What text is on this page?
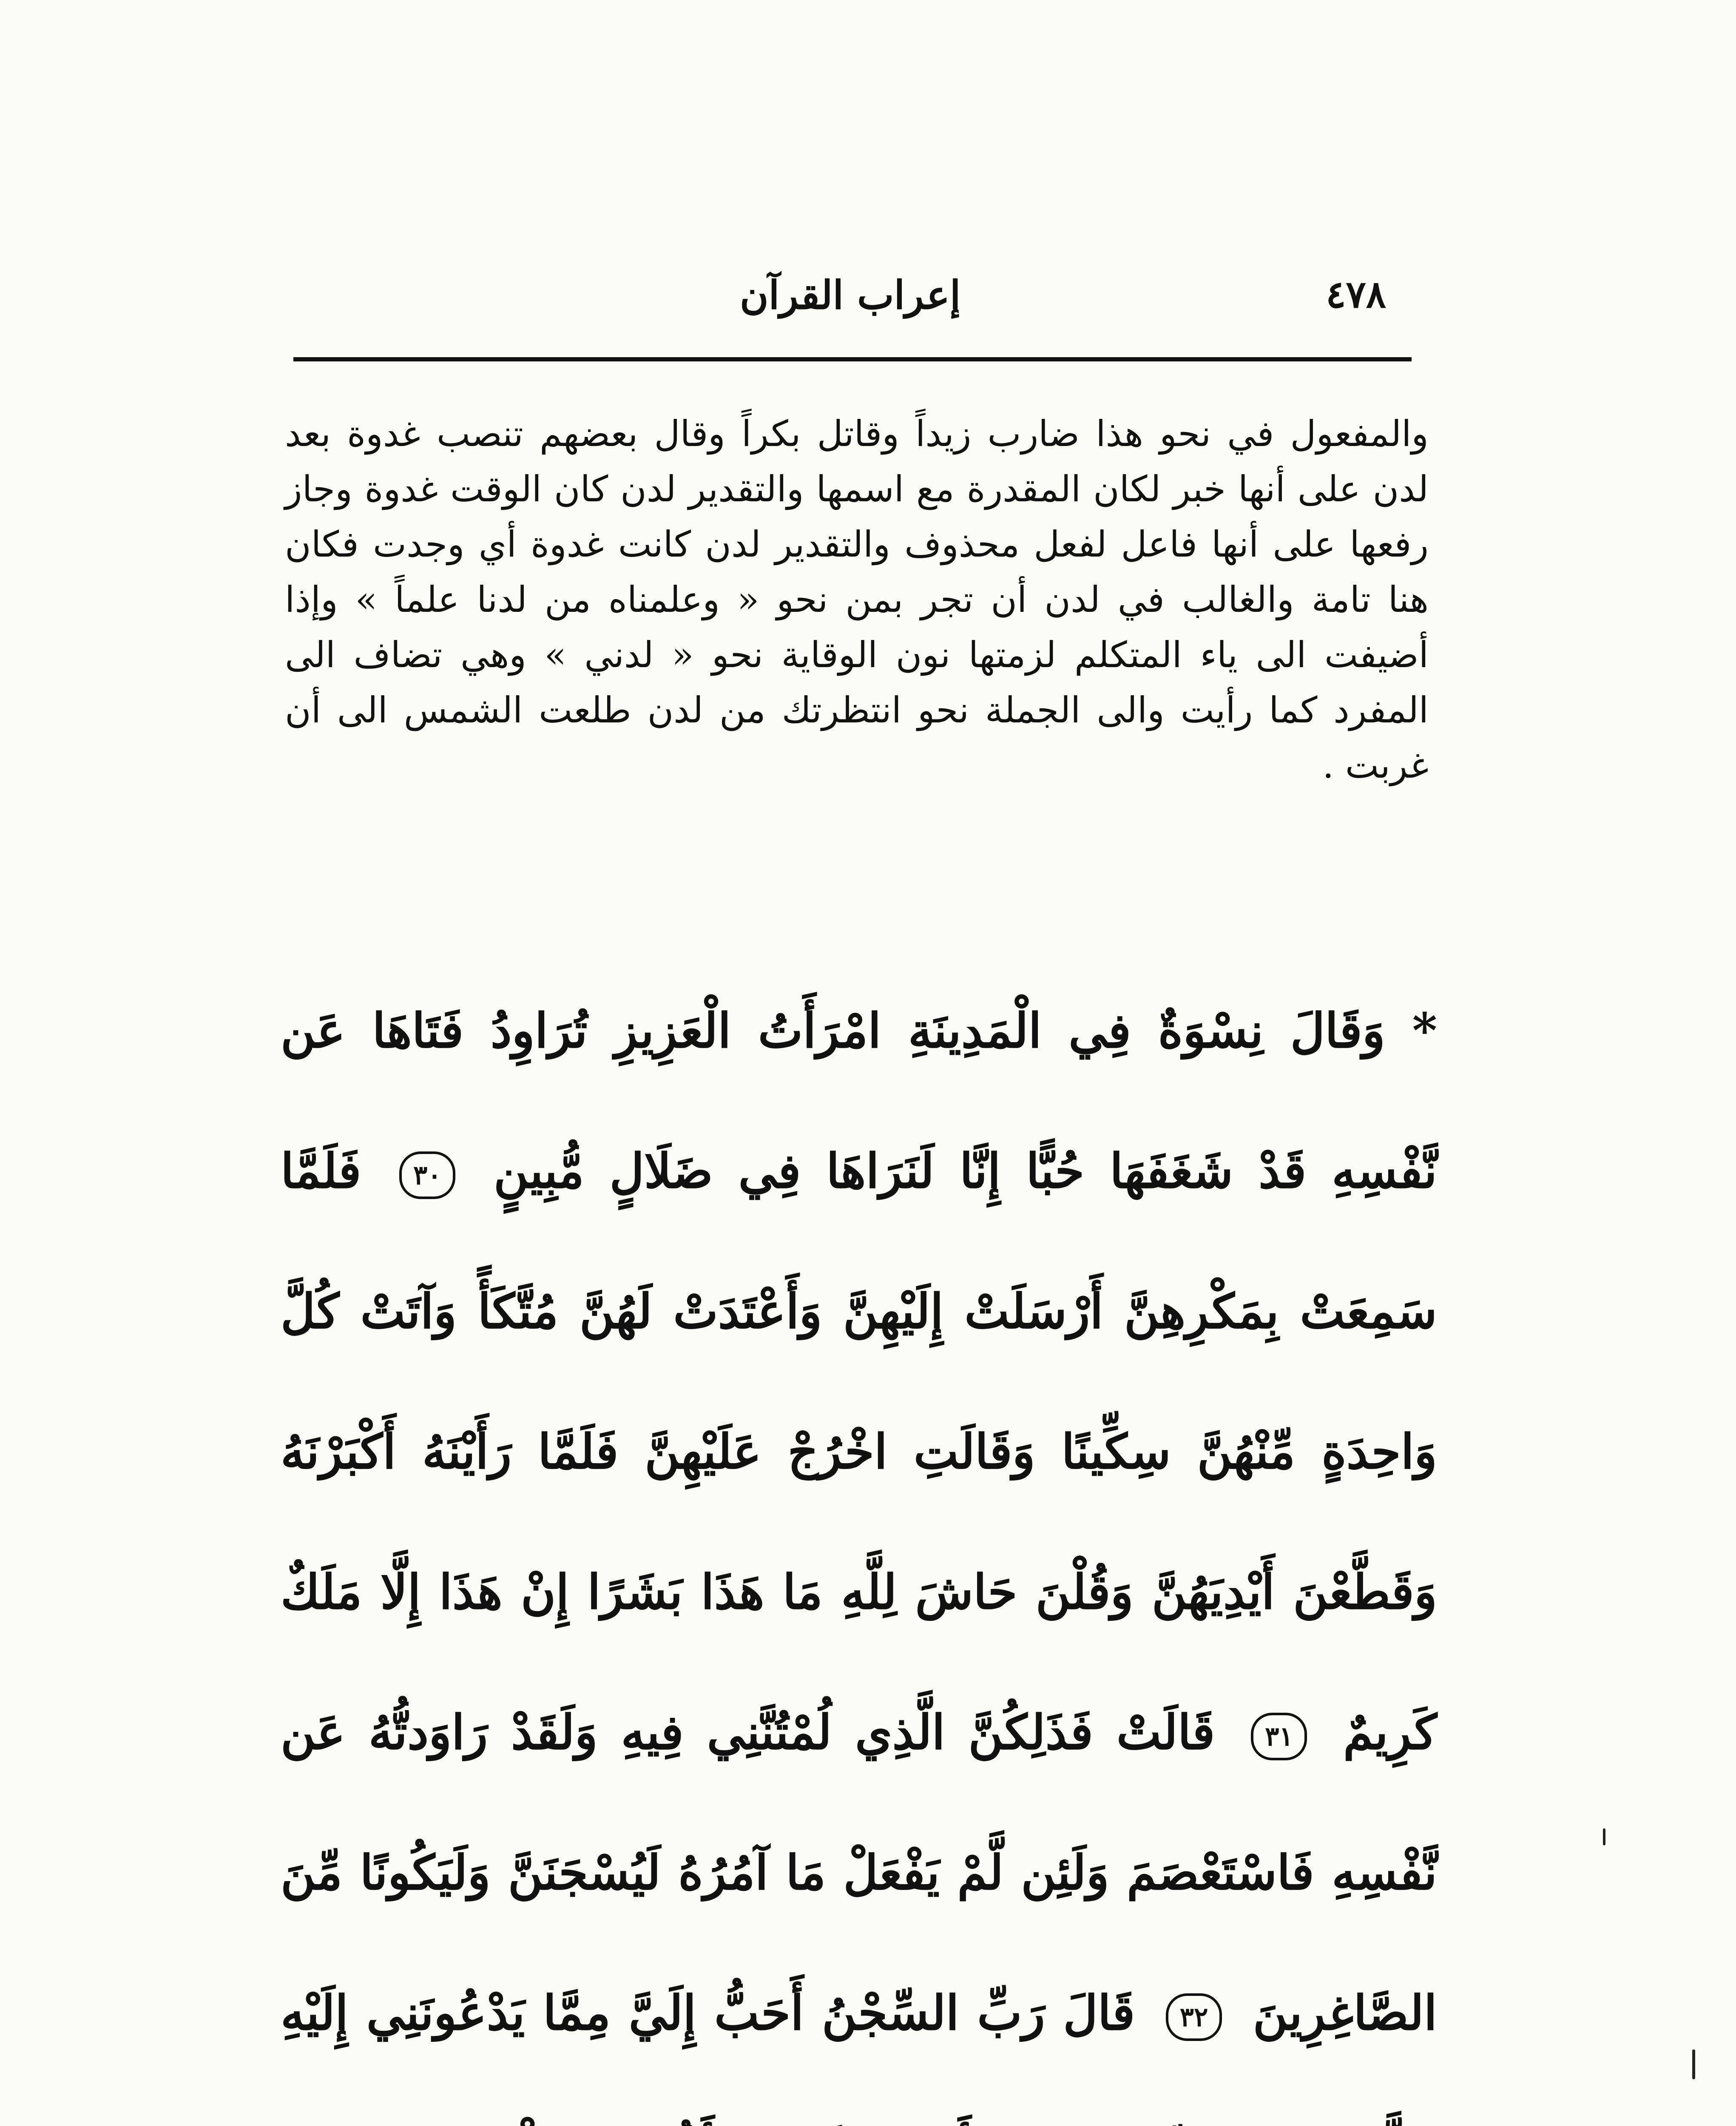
٤٧٨
إعراب القرآن

والمفعول في نحو هذا ضارب زيداً وقاتل بكراً وقال بعضهم تنصب غدوة بعد لدن على أنها خبر لكان المقدرة مع اسمها والتقدير لدن كان الوقت غدوة وجاز رفعها على أنها فاعل لفعل محذوف والتقدير لدن كانت غدوة أي وجدت فكان هنا تامة والغالب في لدن أن تجر بمن نحو « وعلمناه من لدنا علماً » وإذا أضيفت الى ياء المتكلم لزمتها نون الوقاية نحو « لدني » وهي تضاف الى المفرد كما رأيت والى الجملة نحو انتظرتك من لدن طلعت الشمس الى أن غربت .

* وَقَالَ نِسْوَةٌ فِي الْمَدِينَةِ امْرَأَتُ الْعَزِيزِ تُرَاوِدُ فَتَاهَا عَن نَّفْسِهِ قَدْ شَغَفَهَا حُبًّا إِنَّا لَنَرَاهَا فِي ضَلَالٍ مُّبِينٍ ٣٠ فَلَمَّا سَمِعَتْ بِمَكْرِهِنَّ أَرْسَلَتْ إِلَيْهِنَّ وَأَعْتَدَتْ لَهُنَّ مُتَّكَأً وَآتَتْ كُلَّ وَاحِدَةٍ مِّنْهُنَّ سِكِّينًا وَقَالَتِ اخْرُجْ عَلَيْهِنَّ فَلَمَّا رَأَيْنَهُ أَكْبَرْنَهُ وَقَطَّعْنَ أَيْدِيَهُنَّ وَقُلْنَ حَاشَ لِلَّهِ مَا هَذَا بَشَرًا إِنْ هَذَا إِلَّا مَلَكٌ كَرِيمٌ ٣١ قَالَتْ فَذَلِكُنَّ الَّذِي لُمْتُنَّنِي فِيهِ وَلَقَدْ رَاوَدتُّهُ عَن نَّفْسِهِ فَاسْتَعْصَمَ وَلَئِن لَّمْ يَفْعَلْ مَا آمُرُهُ لَيُسْجَنَنَّ وَلَيَكُونًا مِّنَ الصَّاغِرِينَ ٣٢ قَالَ رَبِّ السِّجْنُ أَحَبُّ إِلَيَّ مِمَّا يَدْعُونَنِي إِلَيْهِ
